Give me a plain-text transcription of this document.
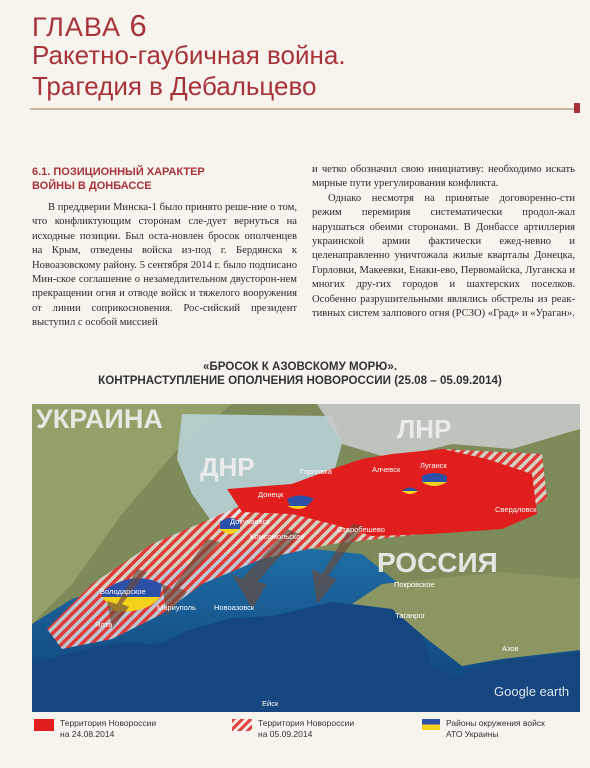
ГЛАВА 6
Ракетно-гаубичная война.
Трагедия в Дебальцево
6.1. ПОЗИЦИОННЫЙ ХАРАКТЕР
ВОЙНЫ В ДОНБАССЕ

В преддверии Минска-1 было принято реше-ние о том, что конфликтующим сторонам сле-дует вернуться на исходные позиции. Был оста-новлен бросок ополченцев на Крым, отведены войска из-под г. Бердянска к Новоазовскому району. 5 сентября 2014 г. было подписано Мин-ское соглашение о незамедлительном двусторон-нем прекращении огня и отводе войск и тяжелого вооружения от линии соприкосновения. Рос-сийский президент выступил с особой миссией

и четко обозначил свою инициативу: необходимо искать мирные пути урегулирования конфликта.

Однако несмотря на принятые договоренно-сти режим перемирия систематически продол-жал нарушаться обеими сторонами. В Донбассе артиллерия украинской армии фактически ежед-невно и целенаправленно уничтожала жилые кварталы Донецка, Горловки, Макеевки, Енаки-ево, Первомайска, Луганска и многих дру-гих городов и шахтерских поселков. Особенно разрушительными являлись обстрелы из реак-тивных систем залпового огня (РСЗО) «Град» и «Ураган».

«БРОСОК К АЗОВСКОМУ МОРЮ».
КОНТРНАСТУПЛЕНИЕ ОПОЛЧЕНИЯ НОВОРОССИИ (25.08 – 05.09.2014)
УКРАИНА
ДНР
ЛНР
РОССИЯ
Донецк
Горловка	Алчевск	Луганск
Свердловск
Докучаевск
Комсомольское
Старобешево
Володарское
Мариуполь Новоазовск
Ялта
Покровское
Таганрог
Азов
Ейск
Google earth
Территория Новороссии
на 24.08.2014
Территория Новороссии
на 05.09.2014
Районы окружения войск
АТО Украины
